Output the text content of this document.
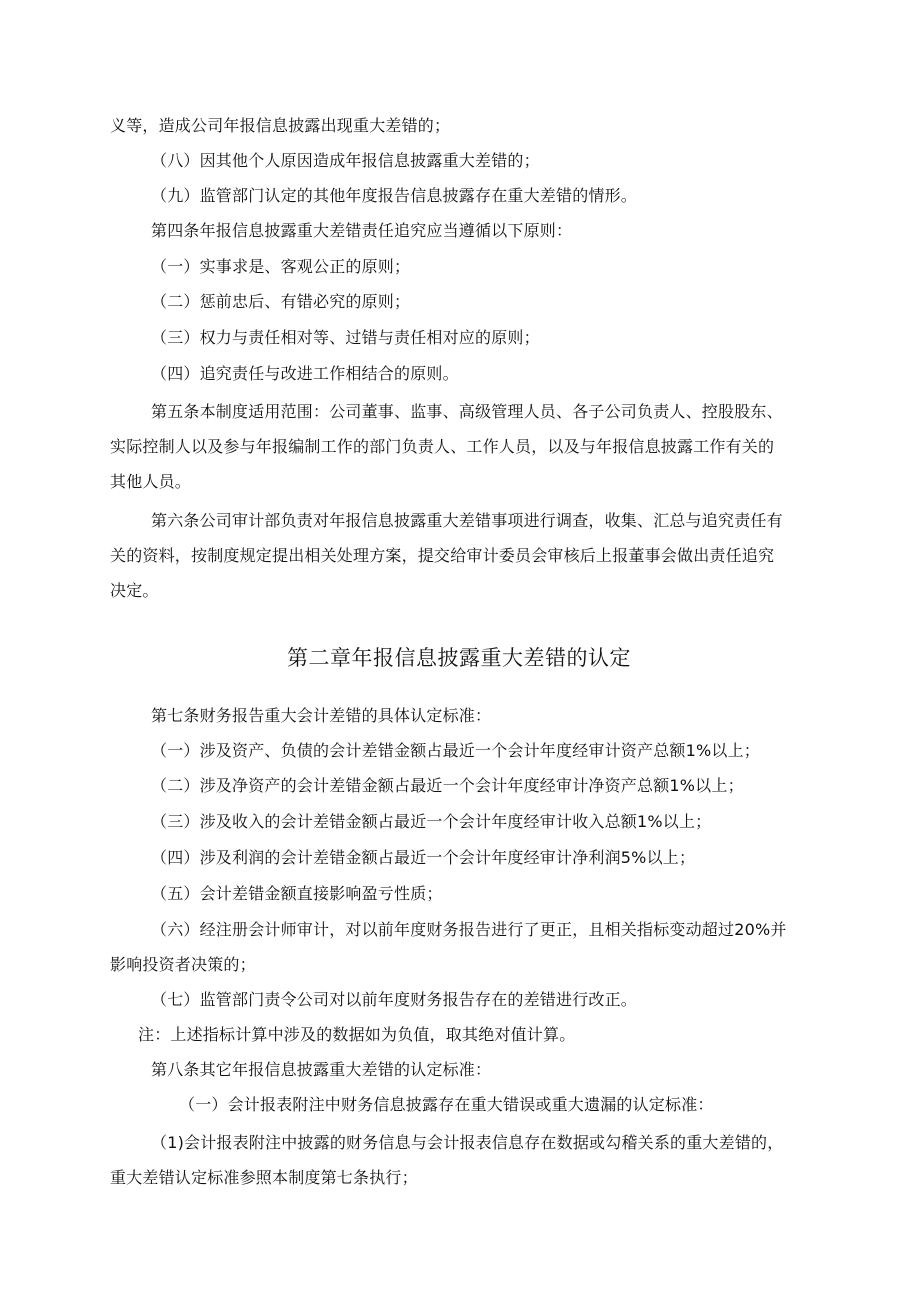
义等，造成公司年报信息披露出现重大差错的；
（八）因其他个人原因造成年报信息披露重大差错的；
（九）监管部门认定的其他年度报告信息披露存在重大差错的情形。
第四条年报信息披露重大差错责任追究应当遵循以下原则：
（一）实事求是、客观公正的原则；
（二）惩前忠后、有错必究的原则；
（三）权力与责任相对等、过错与责任相对应的原则；
（四）追究责任与改进工作相结合的原则。
第五条本制度适用范围：公司董事、监事、高级管理人员、各子公司负责人、控股股东、
实际控制人以及参与年报编制工作的部门负责人、工作人员，以及与年报信息披露工作有关的
其他人员。
第六条公司审计部负责对年报信息披露重大差错事项进行调查，收集、汇总与追究责任有
关的资料，按制度规定提出相关处理方案，提交给审计委员会审核后上报董事会做出责任追究
决定。
第二章年报信息披露重大差错的认定
第七条财务报告重大会计差错的具体认定标准：
（一）涉及资产、负债的会计差错金额占最近一个会计年度经审计资产总额1%以上；
（二）涉及净资产的会计差错金额占最近一个会计年度经审计净资产总额1%以上；
（三）涉及收入的会计差错金额占最近一个会计年度经审计收入总额1%以上；
（四）涉及利润的会计差错金额占最近一个会计年度经审计净利润5%以上；
（五）会计差错金额直接影响盈亏性质；
（六）经注册会计师审计，对以前年度财务报告进行了更正，且相关指标变动超过20%并
影响投资者决策的；
（七）监管部门责令公司对以前年度财务报告存在的差错进行改正。
注：上述指标计算中涉及的数据如为负值，取其绝对值计算。
第八条其它年报信息披露重大差错的认定标准：
（一）会计报表附注中财务信息披露存在重大错误或重大遗漏的认定标准：
（1)会计报表附注中披露的财务信息与会计报表信息存在数据或勾稽关系的重大差错的，
重大差错认定标准参照本制度第七条执行；
